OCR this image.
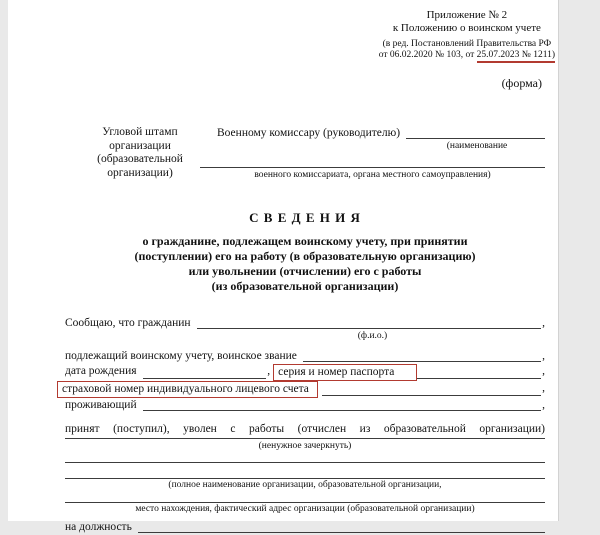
Приложение № 2
к Положению о воинском учете
(в ред. Постановлений Правительства РФ
от 06.02.2020 № 103, от 25.07.2023 № 1211)
(форма)
Угловой штамп
организации
(образовательной
организации)
Военному комиссару (руководителю)
(наименование
военного комиссариата, органа местного самоуправления)
С В Е Д Е Н И Я
о гражданине, подлежащем воинскому учету, при принятии
(поступлении) его на работу (в образовательную организацию)
или увольнении (отчислении) его с работы
(из образовательной организации)
Сообщаю, что гражданин	,
(ф.и.о.)
подлежащий воинскому учету, воинское звание	,
дата рождения	, серия и номер паспорта	,
страховой номер индивидуального лицевого счета	,
проживающий	,
принят (поступил), уволен с работы (отчислен из образовательной организации)
(ненужное зачеркнуть)
(полное наименование организации, образовательной организации,
место нахождения, фактический адрес организации (образовательной организации)
на должность
